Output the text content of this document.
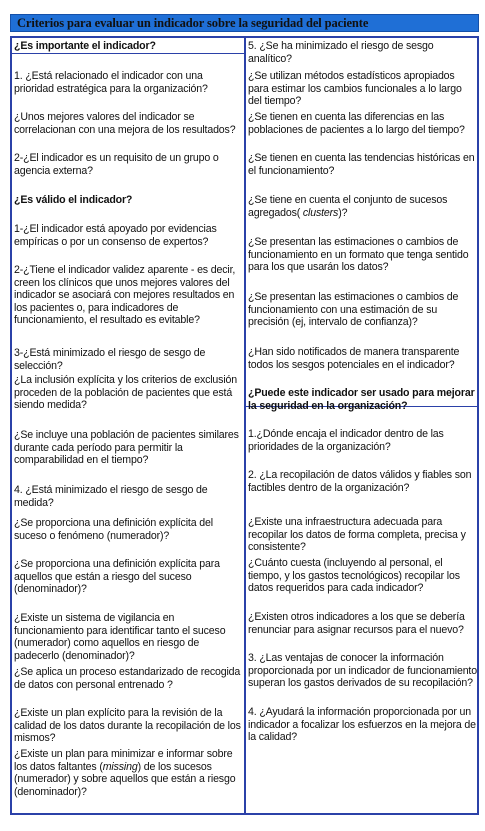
Criterios para evaluar un indicador sobre la seguridad del paciente
¿Es importante el indicador?
1. ¿Está relacionado el indicador con una prioridad estratégica para la organización?
¿Unos mejores valores del indicador se correlacionan con una mejora de los resultados?
2-¿El indicador es un requisito de un grupo o agencia externa?
¿Es válido el indicador?
1-¿El indicador está apoyado por evidencias empíricas o por un consenso de expertos?
2-¿Tiene el indicador validez aparente - es decir, creen los clínicos que unos mejores valores del indicador se asociará con mejores resultados en los pacientes o, para indicadores de funcionamiento, el resultado es evitable?
3-¿Está minimizado el riesgo de sesgo de selección?
¿La inclusión explícita y los criterios de exclusión proceden de la población de pacientes que está siendo medida?
¿Se incluye una población de pacientes similares durante cada período para permitir la comparabilidad en el tiempo?
4. ¿Está minimizado el riesgo de sesgo de medida?
¿Se proporciona una definición explícita del suceso o fenómeno (numerador)?
¿Se proporciona una definición explícita para aquellos que están a riesgo del suceso (denominador)?
¿Existe un sistema de vigilancia en funcionamiento para identificar tanto el suceso (numerador) como aquellos en riesgo de padecerlo (denominador)?
¿Se aplica un proceso estandarizado de recogida de datos con personal entrenado ?
¿Existe un plan explícito para la revisión de la calidad de los datos durante la recopilación de los mismos?
¿Existe un plan para minimizar e informar sobre los datos faltantes (missing) de los sucesos (numerador) y sobre aquellos que están a riesgo (denominador)?
5. ¿Se ha minimizado el riesgo de sesgo analítico?
¿Se utilizan métodos estadísticos apropiados para estimar los cambios funcionales a lo largo del tiempo?
¿Se tienen en cuenta las diferencias en las poblaciones de pacientes a lo largo del tiempo?
¿Se tienen en cuenta las tendencias históricas en el funcionamiento?
¿Se tiene en cuenta el conjunto de sucesos agregados( clusters)?
¿Se presentan las estimaciones o cambios de funcionamiento en un formato que tenga sentido para los que usarán los datos?
¿Se presentan las estimaciones o cambios de funcionamiento con una estimación de su precisión (ej, intervalo de confianza)?
¿Han sido notificados de manera transparente todos los sesgos potenciales en el indicador?
¿Puede este indicador ser usado para mejorar la seguridad en la organización?
1.¿Dónde encaja el indicador dentro de las prioridades de la organización?
2. ¿La recopilación de datos válidos y fiables son factibles dentro de la organización?
¿Existe una infraestructura adecuada para recopilar los datos de forma completa, precisa y consistente?
¿Cuánto cuesta (incluyendo al personal, el tiempo, y los gastos tecnológicos) recopilar los datos requeridos para cada indicador?
¿Existen otros indicadores a los que se debería renunciar para asignar recursos para el nuevo?
3. ¿Las ventajas de conocer la información proporcionada por un indicador de funcionamiento superan los gastos derivados de su recopilación?
4. ¿Ayudará la información proporcionada por un indicador a focalizar los esfuerzos en la mejora de la calidad?
